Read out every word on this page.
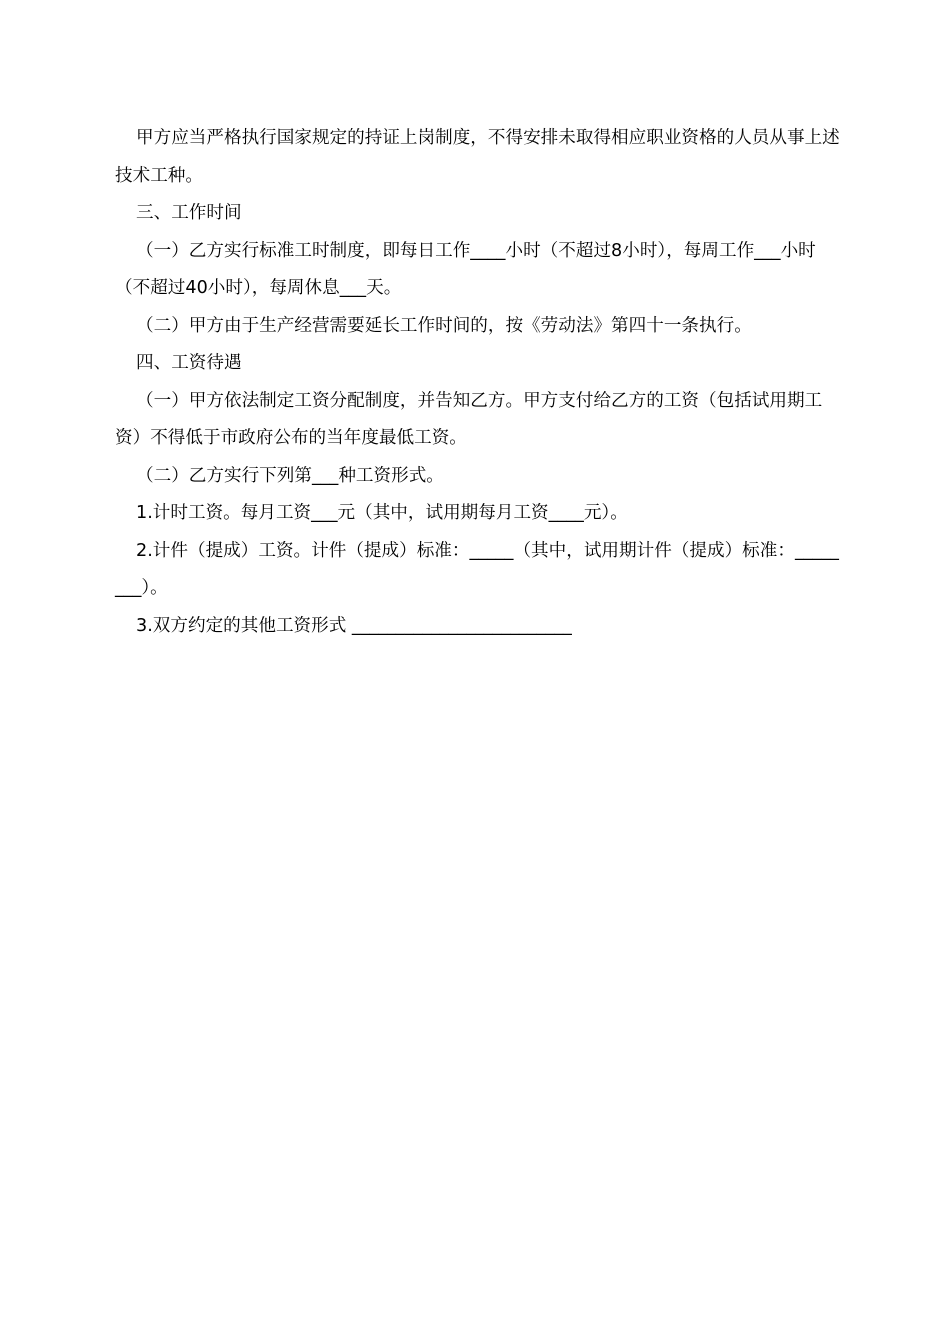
甲方应当严格执行国家规定的持证上岗制度，不得安排未取得相应职业资格的人员从事上述技术工种。

三、工作时间

（一）乙方实行标准工时制度，即每日工作____小时（不超过8小时），每周工作___小时（不超过40小时），每周休息___天。

（二）甲方由于生产经营需要延长工作时间的，按《劳动法》第四十一条执行。

四、工资待遇

（一）甲方依法制定工资分配制度，并告知乙方。甲方支付给乙方的工资（包括试用期工资）不得低于市政府公布的当年度最低工资。

（二）乙方实行下列第___种工资形式。

1.计时工资。每月工资___元（其中，试用期每月工资____元）。

2.计件（提成）工资。计件（提成）标准：_____（其中，试用期计件（提成）标准：________）。

3.双方约定的其他工资形式 _________________________
